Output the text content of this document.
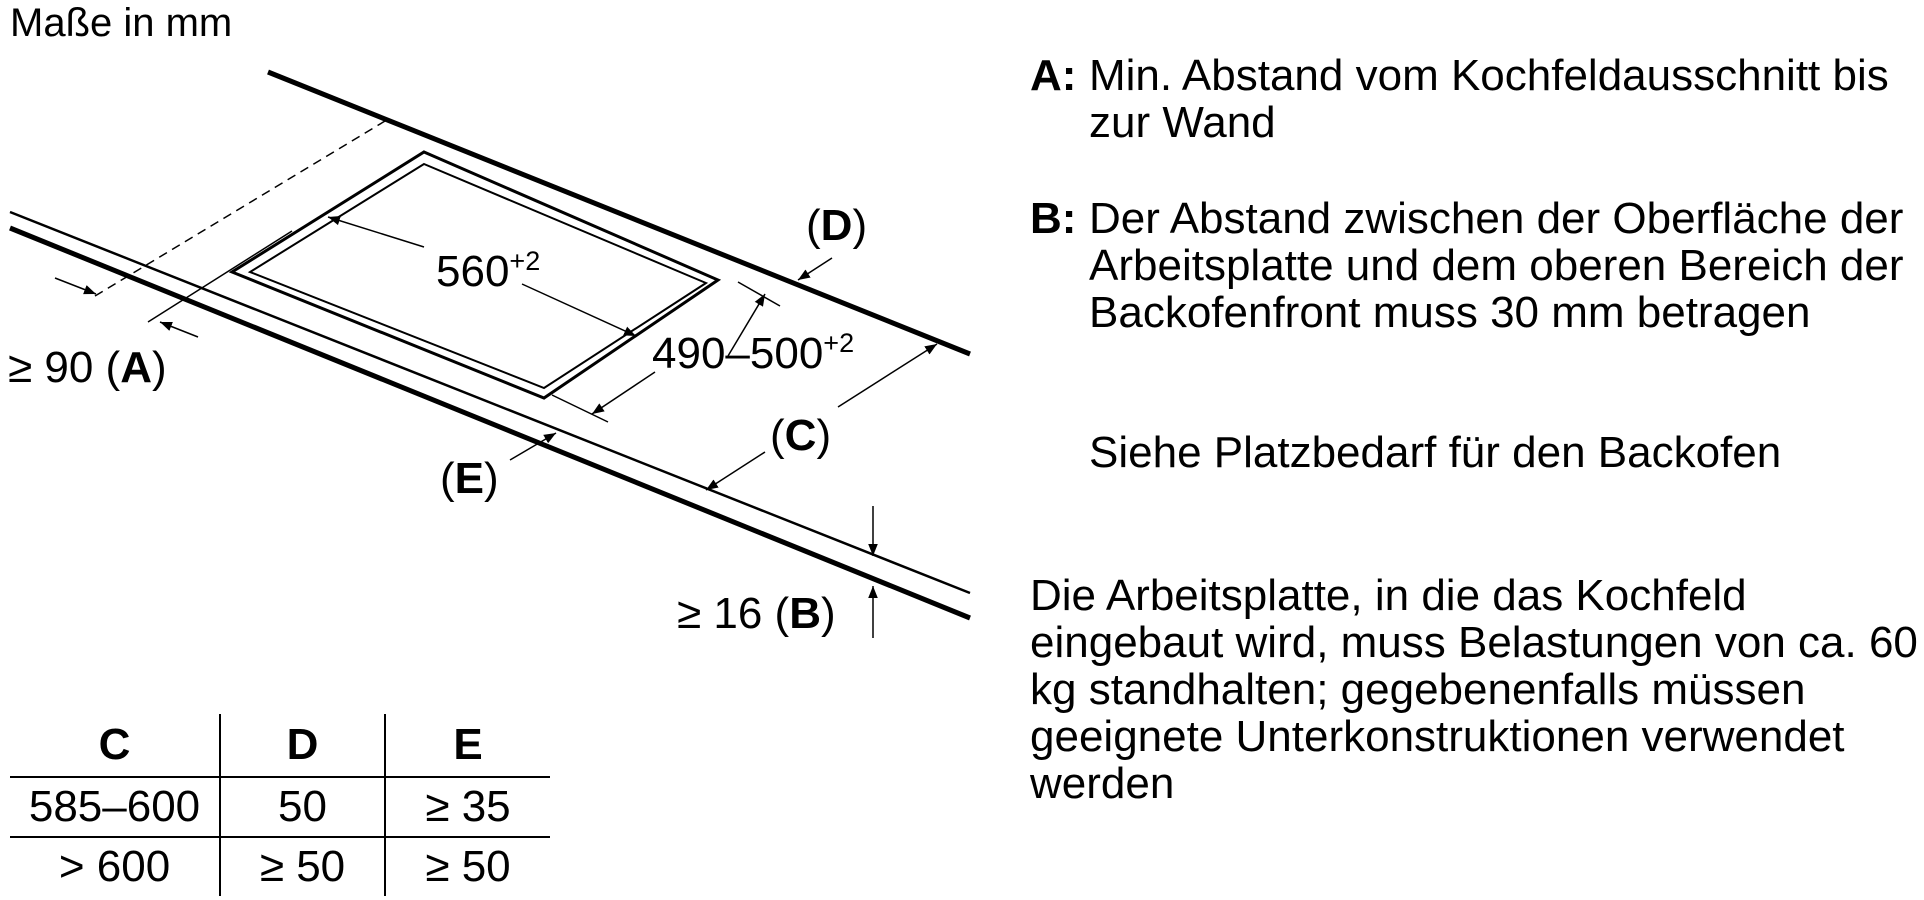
Maße in mm
$560^{+2}$
$490-500^{+2}$
≥ 90 (A)
≥ 16 (B)
(C)
(D)
(E)
A: Min. Abstand vom Kochfeldausschnitt bis zur Wand
B: Der Abstand zwischen der Oberfläche der Arbeitsplatte und dem oberen Bereich der Backofenfront muss 30 mm betragen
Siehe Platzbedarf für den Backofen
Die Arbeitsplatte, in die das Kochfeld eingebaut wird, muss Belastungen von ca. 60 kg standhalten; gegebenenfalls müssen geeignete Unterkonstruktionen verwendet werden
C	D	E
585–600	50	≥ 35
> 600	≥ 50	≥ 50
